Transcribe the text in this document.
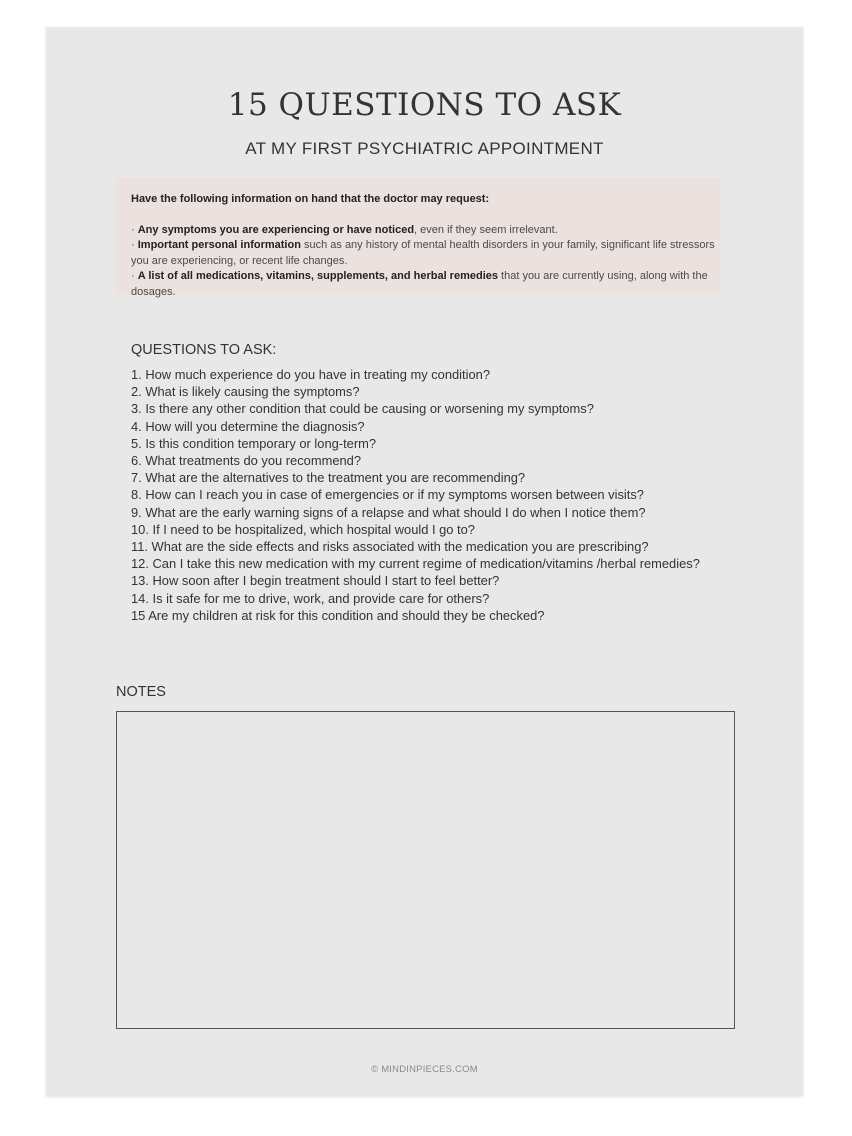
15 QUESTIONS TO ASK
AT MY FIRST PSYCHIATRIC APPOINTMENT
Have the following information on hand that the doctor may request:
· Any symptoms you are experiencing or have noticed, even if they seem irrelevant.
· Important personal information such as any history of mental health disorders in your family, significant life stressors you are experiencing, or recent life changes.
· A list of all medications, vitamins, supplements, and herbal remedies that you are currently using, along with the dosages.
QUESTIONS TO ASK:
1. How much experience do you have in treating my condition?
2. What is likely causing the symptoms?
3. Is there any other condition that could be causing or worsening my symptoms?
4. How will you determine the diagnosis?
5. Is this condition temporary or long-term?
6. What treatments do you recommend?
7. What are the alternatives to the treatment you are recommending?
8. How can I reach you in case of emergencies or if my symptoms worsen between visits?
9. What are the early warning signs of a relapse and what should I do when I notice them?
10. If I need to be hospitalized, which hospital would I go to?
11. What are the side effects and risks associated with the medication you are prescribing?
12. Can I take this new medication with my current regime of medication/vitamins /herbal remedies?
13. How soon after I begin treatment should I start to feel better?
14. Is it safe for me to drive, work, and provide care for others?
15 Are my children at risk for this condition and should they be checked?
NOTES
© MINDINPIECES.COM
